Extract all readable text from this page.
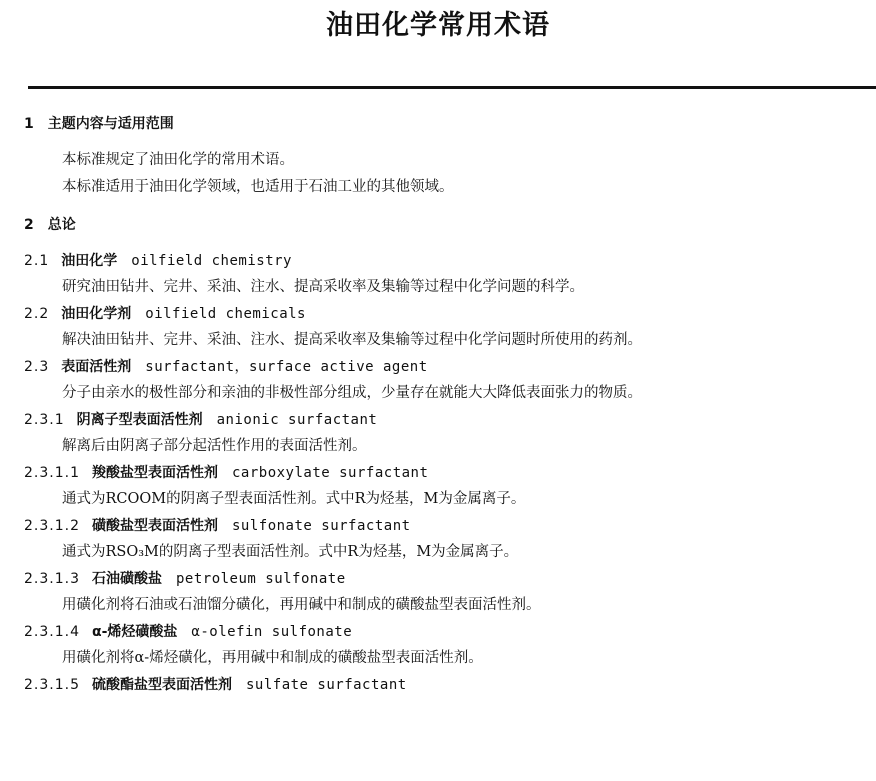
油田化学常用术语
1 主题内容与适用范围
本标准规定了油田化学的常用术语。
本标准适用于油田化学领域，也适用于石油工业的其他领域。
2 总论
2.1 油田化学 oilfield chemistry
研究油田钻井、完井、采油、注水、提高采收率及集输等过程中化学问题的科学。
2.2 油田化学剂 oilfield chemicals
解决油田钻井、完井、采油、注水、提高采收率及集输等过程中化学问题时所使用的药剂。
2.3 表面活性剂 surfactant，surface active agent
分子由亲水的极性部分和亲油的非极性部分组成，少量存在就能大大降低表面张力的物质。
2.3.1 阴离子型表面活性剂 anionic surfactant
解离后由阴离子部分起活性作用的表面活性剂。
2.3.1.1 羧酸盐型表面活性剂 carboxylate surfactant
通式为RCOOM的阴离子型表面活性剂。式中R为烃基，M为金属离子。
2.3.1.2 磺酸盐型表面活性剂 sulfonate surfactant
通式为RSO₃M的阴离子型表面活性剂。式中R为烃基，M为金属离子。
2.3.1.3 石油磺酸盐 petroleum sulfonate
用磺化剂将石油或石油馏分磺化，再用碱中和制成的磺酸盐型表面活性剂。
2.3.1.4 α-烯烃磺酸盐 α-olefin sulfonate
用磺化剂将α-烯烃磺化，再用碱中和制成的磺酸盐型表面活性剂。
2.3.1.5 硫酸酯盐型表面活性剂 sulfate surfactant
